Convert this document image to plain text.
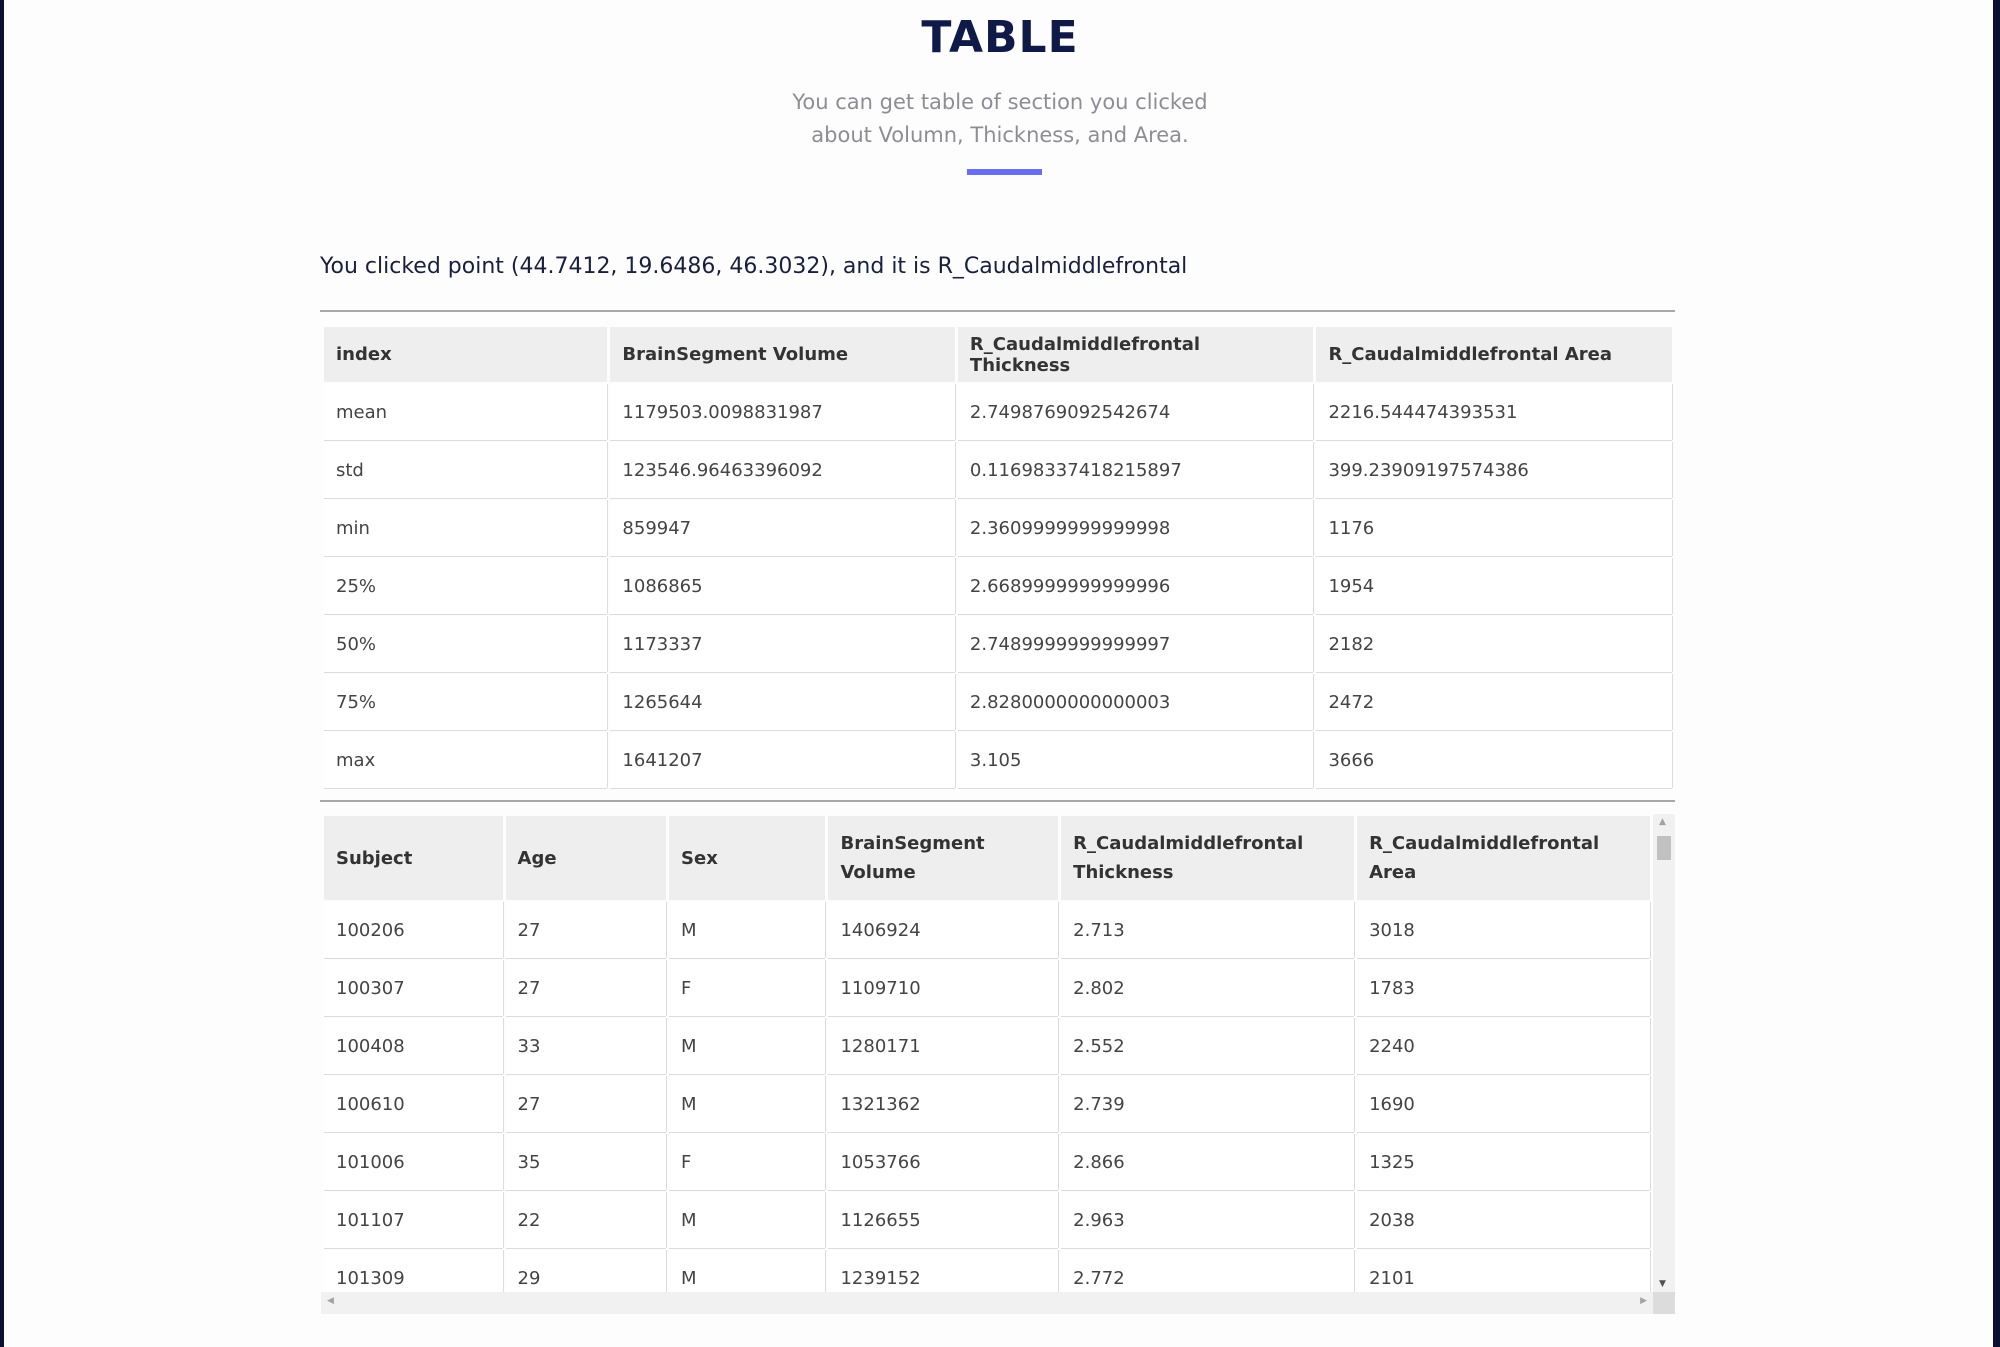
TABLE
You can get table of section you clicked
about Volumn, Thickness, and Area.
You clicked point (44.7412, 19.6486, 46.3032), and it is R_Caudalmiddlefrontal
index	BrainSegment Volume	R_Caudalmiddlefrontal Thickness	R_Caudalmiddlefrontal Area
mean	1179503.0098831987	2.7498769092542674	2216.544474393531
std	123546.96463396092	0.11698337418215897	399.23909197574386
min	859947	2.3609999999999998	1176
25%	1086865	2.6689999999999996	1954
50%	1173337	2.7489999999999997	2182
75%	1265644	2.8280000000000003	2472
max	1641207	3.105	3666
Subject	Age	Sex	BrainSegment Volume	R_Caudalmiddlefrontal Thickness	R_Caudalmiddlefrontal Area
100206	27	M	1406924	2.713	3018
100307	27	F	1109710	2.802	1783
100408	33	M	1280171	2.552	2240
100610	27	M	1321362	2.739	1690
101006	35	F	1053766	2.866	1325
101107	22	M	1126655	2.963	2038
101309	29	M	1239152	2.772	2101
▲
▼
◀	▶
